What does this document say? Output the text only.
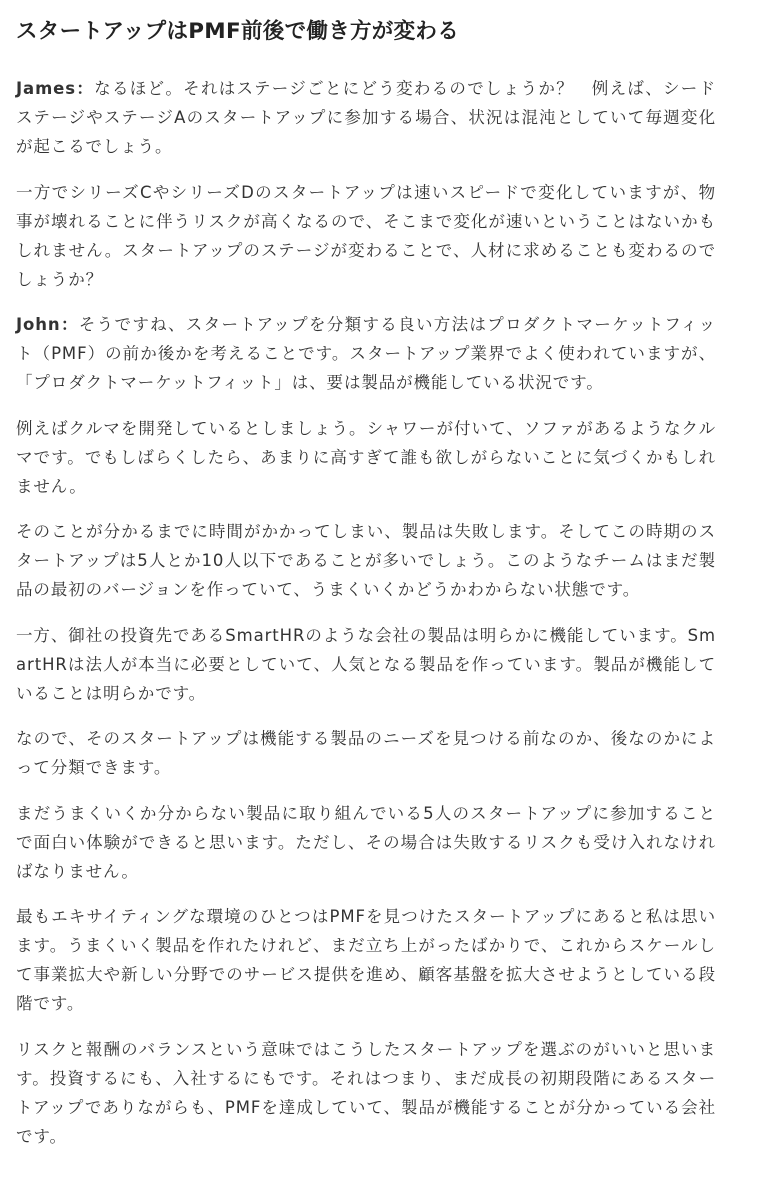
スタートアップはPMF前後で働き方が変わる

James：なるほど。それはステージごとにどう変わるのでしょうか？　例えば、シードステージやステージAのスタートアップに参加する場合、状況は混沌としていて毎週変化が起こるでしょう。

一方でシリーズCやシリーズDのスタートアップは速いスピードで変化していますが、物事が壊れることに伴うリスクが高くなるので、そこまで変化が速いということはないかもしれません。スタートアップのステージが変わることで、人材に求めることも変わるのでしょうか？

John：そうですね、スタートアップを分類する良い方法はプロダクトマーケットフィット（PMF）の前か後かを考えることです。スタートアップ業界でよく使われていますが、「プロダクトマーケットフィット」は、要は製品が機能している状況です。

例えばクルマを開発しているとしましょう。シャワーが付いて、ソファがあるようなクルマです。でもしばらくしたら、あまりに高すぎて誰も欲しがらないことに気づくかもしれません。

そのことが分かるまでに時間がかかってしまい、製品は失敗します。そしてこの時期のスタートアップは5人とか10人以下であることが多いでしょう。このようなチームはまだ製品の最初のバージョンを作っていて、うまくいくかどうかわからない状態です。

一方、御社の投資先であるSmartHRのような会社の製品は明らかに機能しています。SmartHRは法人が本当に必要としていて、人気となる製品を作っています。製品が機能していることは明らかです。

なので、そのスタートアップは機能する製品のニーズを見つける前なのか、後なのかによって分類できます。

まだうまくいくか分からない製品に取り組んでいる5人のスタートアップに参加することで面白い体験ができると思います。ただし、その場合は失敗するリスクも受け入れなければなりません。

最もエキサイティングな環境のひとつはPMFを見つけたスタートアップにあると私は思います。うまくいく製品を作れたけれど、まだ立ち上がったばかりで、これからスケールして事業拡大や新しい分野でのサービス提供を進め、顧客基盤を拡大させようとしている段階です。

リスクと報酬のバランスという意味ではこうしたスタートアップを選ぶのがいいと思います。投資するにも、入社するにもです。それはつまり、まだ成長の初期段階にあるスタートアップでありながらも、PMFを達成していて、製品が機能することが分かっている会社です。
